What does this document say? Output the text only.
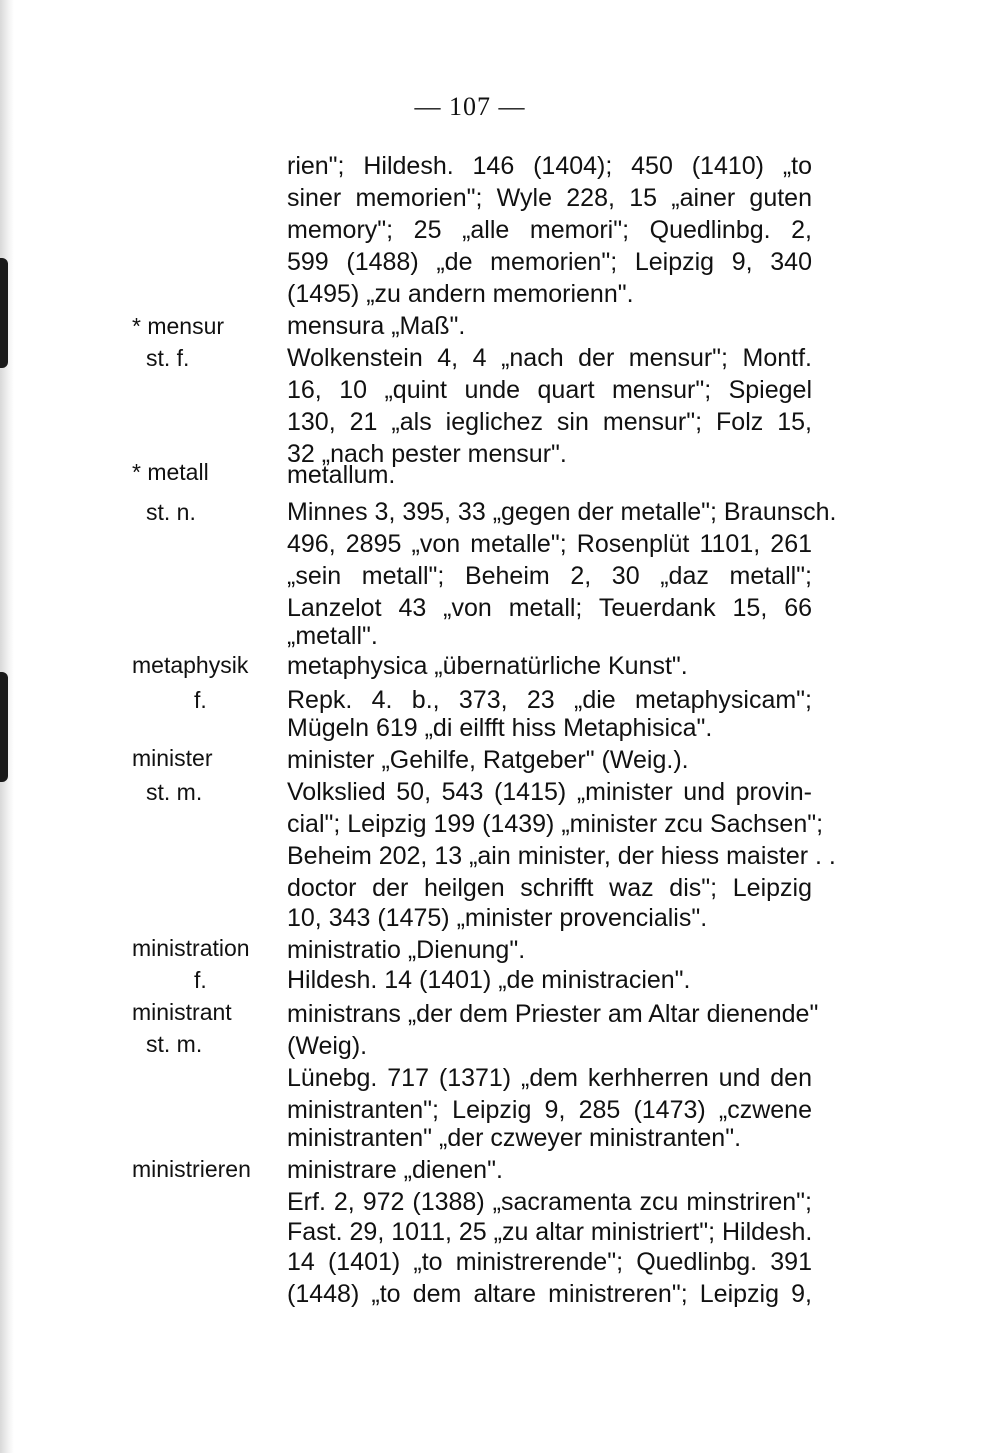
— 107 —
* mensur
st. f.
* metall
st. n.
metaphysik
f.
minister
st. m.
ministration
f.
ministrant
st. m.
ministrieren
rien"; Hildesh. 146 (1404); 450 (1410) „to
siner memorien"; Wyle 228, 15 „ainer guten
memory"; 25 „alle memori"; Quedlinbg. 2,
599 (1488) „de memorien"; Leipzig 9, 340
(1495) „zu andern memorienn".
mensura „Maß".
Wolkenstein 4, 4 „nach der mensur"; Montf.
16, 10 „quint unde quart mensur"; Spiegel
130, 21 „als ieglichez sin mensur"; Folz 15,
32 „nach pester mensur".
metallum.
Minnes 3, 395, 33 „gegen der metalle"; Braunsch.
496, 2895 „von metalle"; Rosenplüt 1101, 261
„sein metall"; Beheim 2, 30 „daz metall";
Lanzelot 43 „von metall; Teuerdank 15, 66
„metall".
metaphysica „übernatürliche Kunst".
Repk. 4. b., 373, 23 „die metaphysicam";
Mügeln 619 „di eilfft hiss Metaphisica".
minister „Gehilfe, Ratgeber" (Weig.).
Volkslied 50, 543 (1415) „minister und provin-
cial"; Leipzig 199 (1439) „minister zcu Sachsen";
Beheim 202, 13 „ain minister, der hiess maister . .
doctor der heilgen schrifft waz dis"; Leipzig
10, 343 (1475) „minister provencialis".
ministratio „Dienung".
Hildesh. 14 (1401) „de ministracien".
ministrans „der dem Priester am Altar dienende"
(Weig).
Lünebg. 717 (1371) „dem kerhherren und den
ministranten"; Leipzig 9, 285 (1473) „czwene
ministranten" „der czweyer ministranten".
ministrare „dienen".
Erf. 2, 972 (1388) „sacramenta zcu minstriren";
Fast. 29, 1011, 25 „zu altar ministriert"; Hildesh.
14 (1401) „to ministrerende"; Quedlinbg. 391
(1448) „to dem altare ministreren"; Leipzig 9,
